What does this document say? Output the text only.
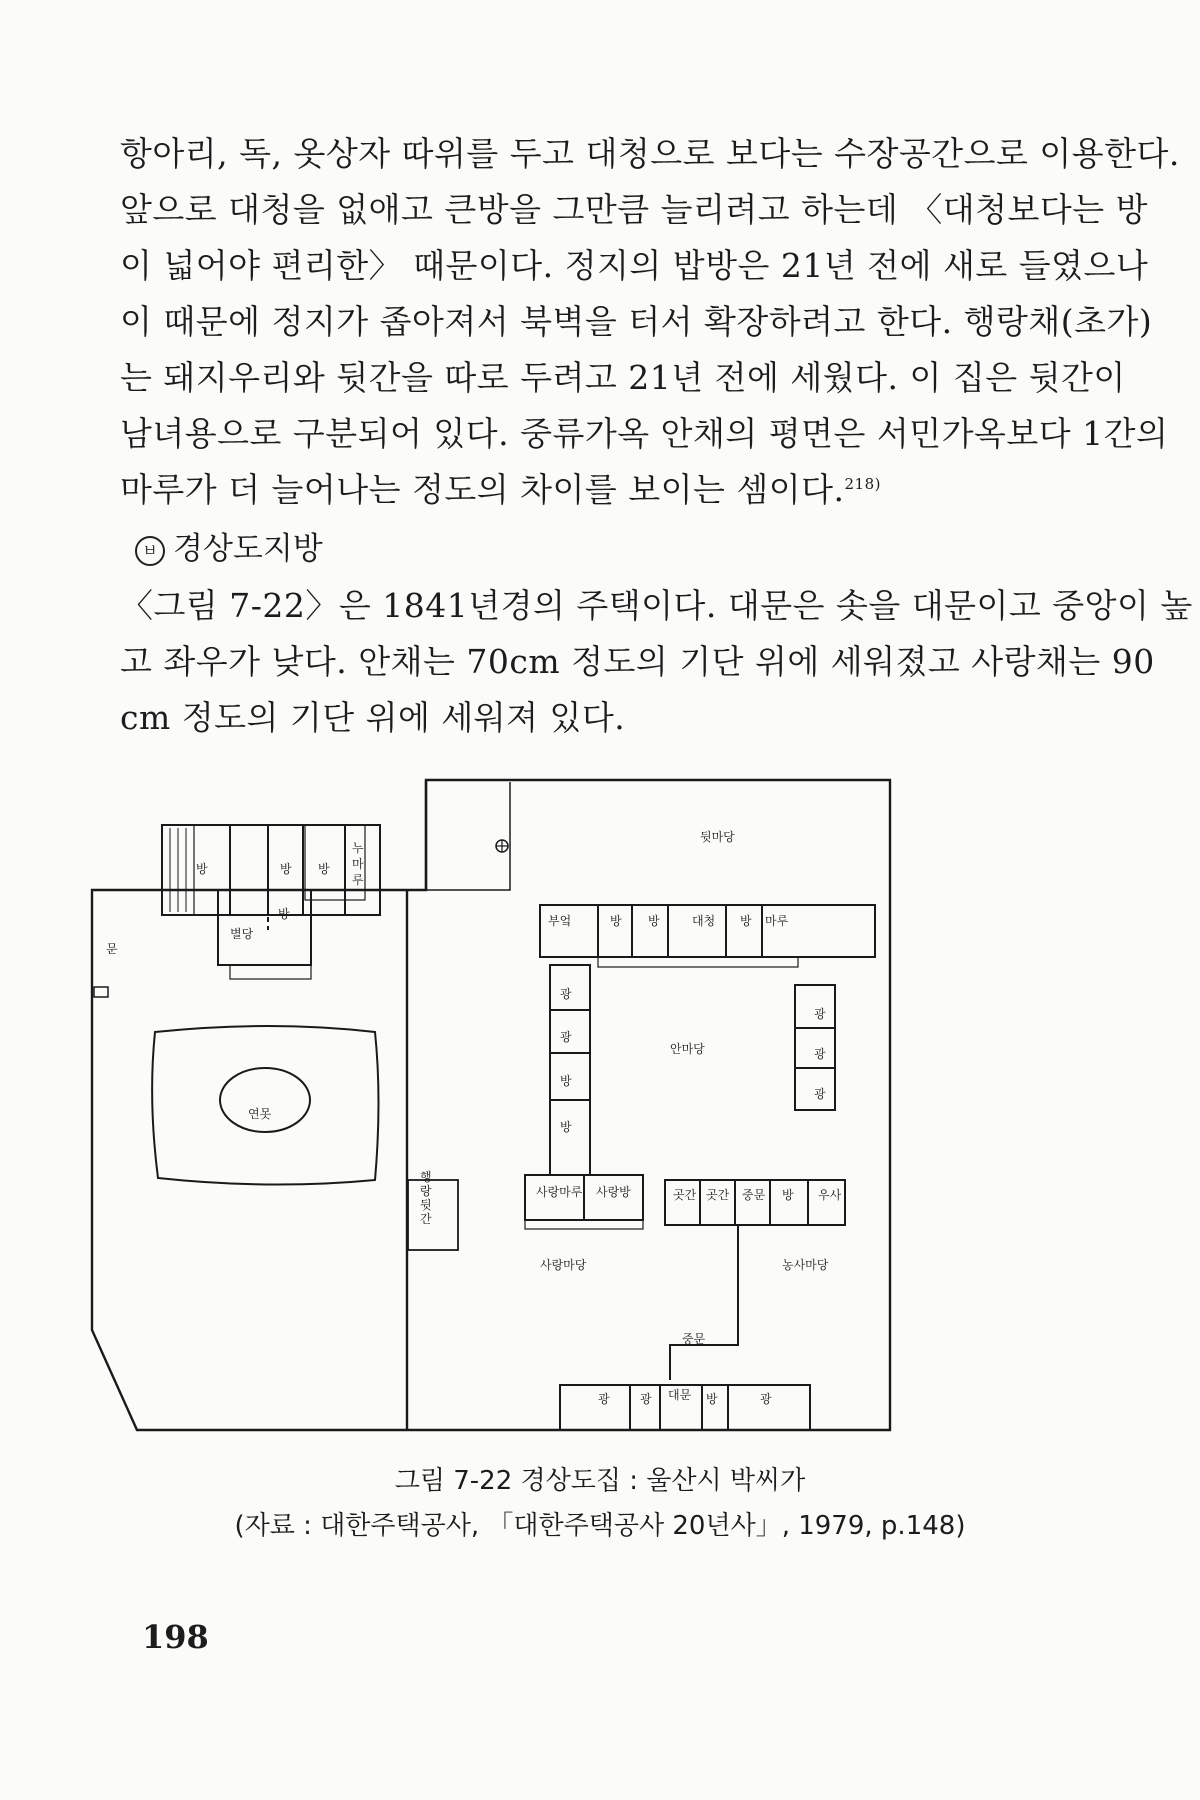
항아리, 독, 옷상자 따위를 두고 대청으로 보다는 수장공간으로 이용한다.
앞으로 대청을 없애고 큰방을 그만큼 늘리려고 하는데 〈대청보다는 방
이 넓어야 편리한〉 때문이다. 정지의 밥방은 21년 전에 새로 들였으나
이 때문에 정지가 좁아져서 북벽을 터서 확장하려고 한다. 행랑채(초가)
는 돼지우리와 뒷간을 따로 두려고 21년 전에 세웠다. 이 집은 뒷간이
남녀용으로 구분되어 있다. 중류가옥 안채의 평면은 서민가옥보다 1간의
마루가 더 늘어나는 정도의 차이를 보이는 셈이다.$^{218)}$
ㅂ 경상도지방
〈그림 7-22〉은 1841년경의 주택이다. 대문은 솟을 대문이고 중앙이 높
고 좌우가 낮다. 안채는 70cm 정도의 기단 위에 세워졌고 사랑채는 90
cm 정도의 기단 위에 세워져 있다.
뒷마당
부엌	방 방	대청 방 마루
광
광
방
방
광
광
광
안마당
별당
방	방 방
방
누마루
문
연못
사랑마루 사랑방	곳간 곳간 중문 방 우사
사랑마당	농사마당
중문
광	광 대문 방	광
행랑뒷간
그림 7-22 경상도집 : 울산시 박씨가
(자료 : 대한주택공사, 「대한주택공사 20년사」, 1979, p.148)
198
